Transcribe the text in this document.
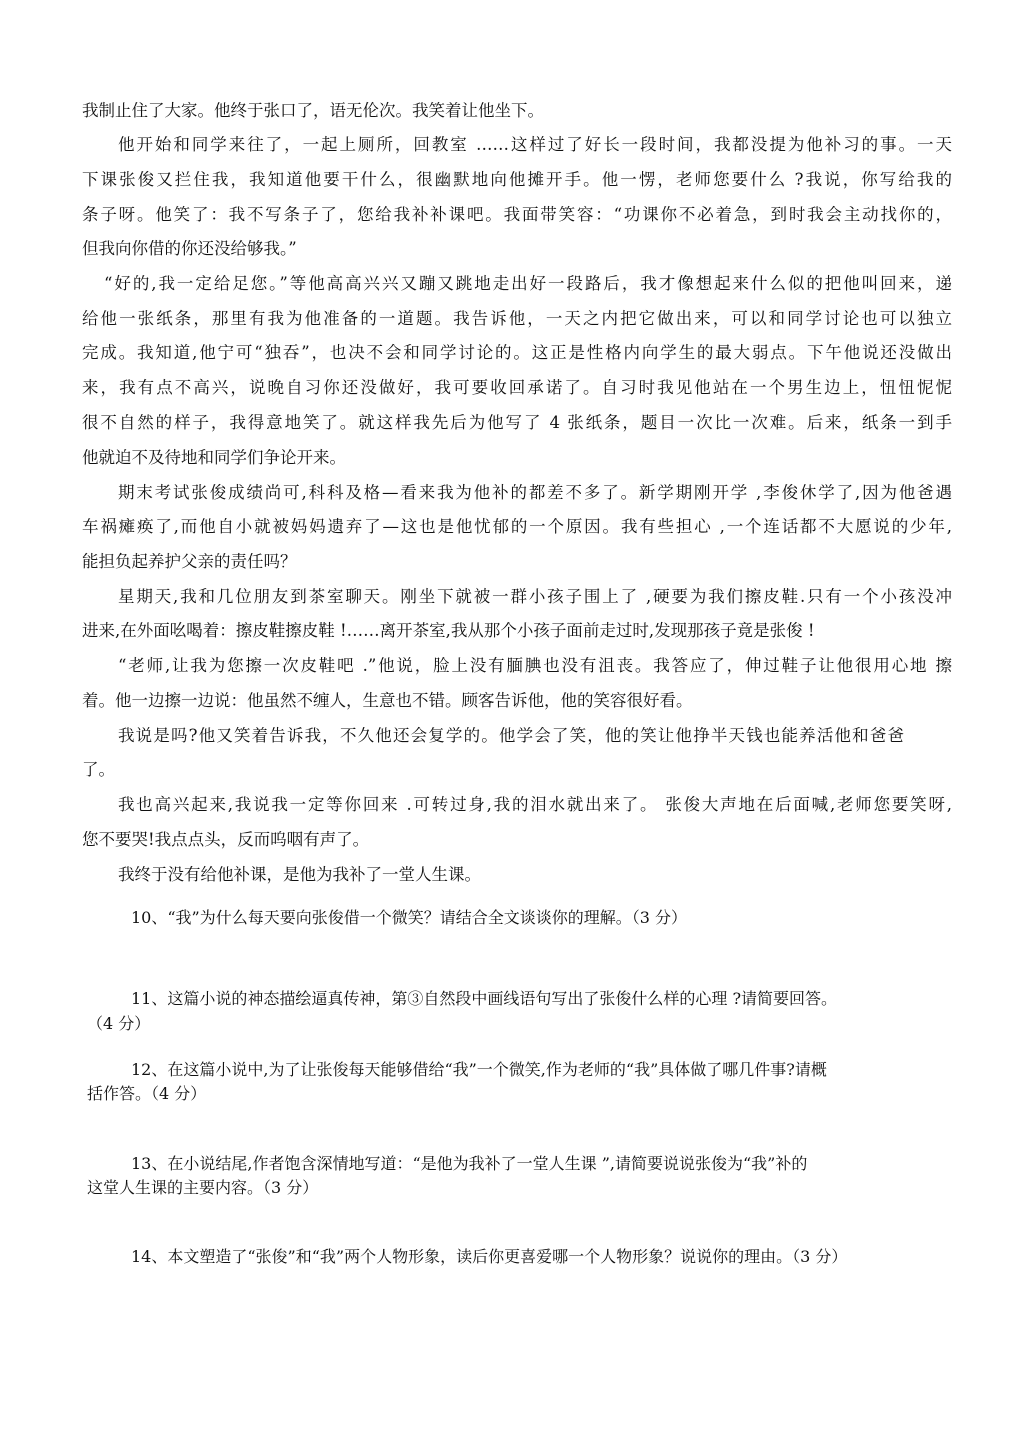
我制止住了大家。他终于张口了，语无伦次。我笑着让他坐下。
他开始和同学来往了，一起上厕所，回教室 ……这样过了好长一段时间，我都没提为他补习的事。一天
下课张俊又拦住我，我知道他要干什么，很幽默地向他摊开手。他一愣，老师您要什么 ?我说，你写给我的
条子呀。他笑了：我不写条子了，您给我补补课吧。我面带笑容：“功课你不必着急，到时我会主动找你的，
但我向你借的你还没给够我。”
“好的,我一定给足您。”等他高高兴兴又蹦又跳地走出好一段路后，我才像想起来什么似的把他叫回来，递
给他一张纸条，那里有我为他准备的一道题。我告诉他，一天之内把它做出来，可以和同学讨论也可以独立
完成。我知道,他宁可“独吞”，也决不会和同学讨论的。这正是性格内向学生的最大弱点。下午他说还没做出
来，我有点不高兴，说晚自习你还没做好，我可要收回承诺了。自习时我见他站在一个男生边上，忸忸怩怩
很不自然的样子，我得意地笑了。就这样我先后为他写了 4 张纸条，题目一次比一次难。后来，纸条一到手
他就迫不及待地和同学们争论开来。
期末考试张俊成绩尚可,科科及格—看来我为他补的都差不多了。新学期刚开学 ,李俊休学了,因为他爸遇
车祸瘫痪了,而他自小就被妈妈遗弃了—这也是他忧郁的一个原因。我有些担心 ,一个连话都不大愿说的少年,
能担负起养护父亲的责任吗？
星期天,我和几位朋友到茶室聊天。刚坐下就被一群小孩子围上了 ,硬要为我们擦皮鞋.只有一个小孩没冲
进来,在外面吆喝着：擦皮鞋擦皮鞋 !……离开茶室,我从那个小孩子面前走过时,发现那孩子竟是张俊 !
“老师,让我为您擦一次皮鞋吧 .”他说，脸上没有腼腆也没有沮丧。我答应了，伸过鞋子让他很用心地 擦
着。他一边擦一边说：他虽然不缠人，生意也不错。顾客告诉他，他的笑容很好看。
我说是吗?他又笑着告诉我，不久他还会复学的。他学会了笑，他的笑让他挣半天钱也能养活他和爸爸
了。
我也高兴起来,我说我一定等你回来 .可转过身,我的泪水就出来了。 张俊大声地在后面喊,老师您要笑呀,
您不要哭!我点点头，反而呜咽有声了。
我终于没有给他补课，是他为我补了一堂人生课。
10、“我”为什么每天要向张俊借一个微笑？请结合全文谈谈你的理解。（3 分）
11、这篇小说的神态描绘逼真传神，第③自然段中画线语句写出了张俊什么样的心理 ?请简要回答。
（4 分）
12、在这篇小说中,为了让张俊每天能够借给“我”一个微笑,作为老师的“我”具体做了哪几件事?请概
括作答。（4 分）
13、在小说结尾,作者饱含深情地写道：“是他为我补了一堂人生课 ”,请简要说说张俊为“我”补的
这堂人生课的主要内容。（3 分）
14、本文塑造了“张俊”和“我”两个人物形象，读后你更喜爱哪一个人物形象？说说你的理由。（3 分）
